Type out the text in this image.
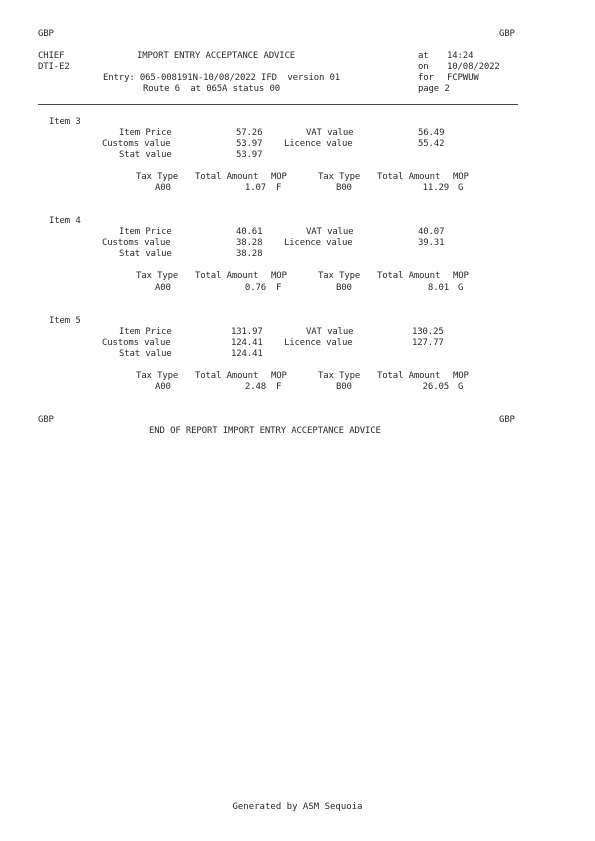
GBP	GBP
CHIEF	IMPORT ENTRY ACCEPTANCE ADVICE	at 14:24
DTI-E2	on 10/08/2022
Entry: 065-008191N-10/08/2022 IFD  version 01	for FCPWUW
Route 6  at 065A status 00	page 2
Item 3
Item Price	57.26	VAT value	56.49
Customs value	53.97 Licence value	55.42
Stat value	53.97
Tax Type Total Amount MOP	Tax Type Total Amount MOP
A00	1.07 F	B00	11.29 G
Item 4
Item Price	40.61	VAT value	40.07
Customs value	38.28 Licence value	39.31
Stat value	38.28
Tax Type Total Amount MOP	Tax Type Total Amount MOP
A00	0.76 F	B00	8.01 G
Item 5
Item Price	131.97	VAT value	130.25
Customs value	124.41 Licence value	127.77
Stat value	124.41
Tax Type Total Amount MOP	Tax Type Total Amount MOP
A00	2.48 F	B00	26.05 G
GBP	GBP
END OF REPORT IMPORT ENTRY ACCEPTANCE ADVICE
Generated by ASM Sequoia
